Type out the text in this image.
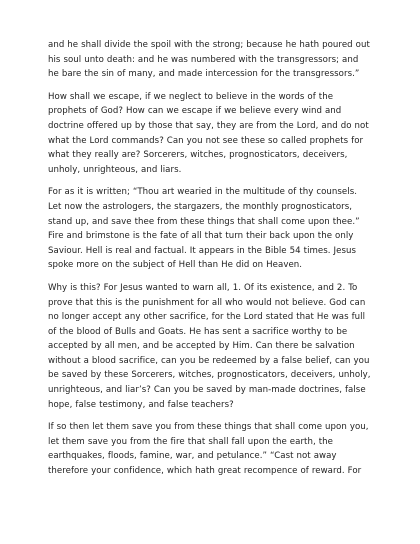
and he shall divide the spoil with the strong; because he hath poured out his soul unto death: and he was numbered with the transgressors; and he bare the sin of many, and made intercession for the transgressors.”

How shall we escape, if we neglect to believe in the words of the prophets of God? How can we escape if we believe every wind and doctrine offered up by those that say, they are from the Lord, and do not what the Lord commands? Can you not see these so called prophets for what they really are? Sorcerers, witches, prognosticators, deceivers, unholy, unrighteous, and liars.

For as it is written; “Thou art wearied in the multitude of thy counsels. Let now the astrologers, the stargazers, the monthly prognosticators, stand up, and save thee from these things that shall come upon thee.” Fire and brimstone is the fate of all that turn their back upon the only Saviour. Hell is real and factual. It appears in the Bible 54 times. Jesus spoke more on the subject of Hell than He did on Heaven.

Why is this? For Jesus wanted to warn all, 1. Of its existence, and 2. To prove that this is the punishment for all who would not believe. God can no longer accept any other sacrifice, for the Lord stated that He was full of the blood of Bulls and Goats. He has sent a sacrifice worthy to be accepted by all men, and be accepted by Him. Can there be salvation without a blood sacrifice, can you be redeemed by a false belief, can you be saved by these Sorcerers, witches, prognosticators, deceivers, unholy, unrighteous, and liar’s? Can you be saved by man-made doctrines, false hope, false testimony, and false teachers?

If so then let them save you from these things that shall come upon you, let them save you from the fire that shall fall upon the earth, the earthquakes, floods, famine, war, and petulance.” “Cast not away therefore your confidence, which hath great recompence of reward. For
